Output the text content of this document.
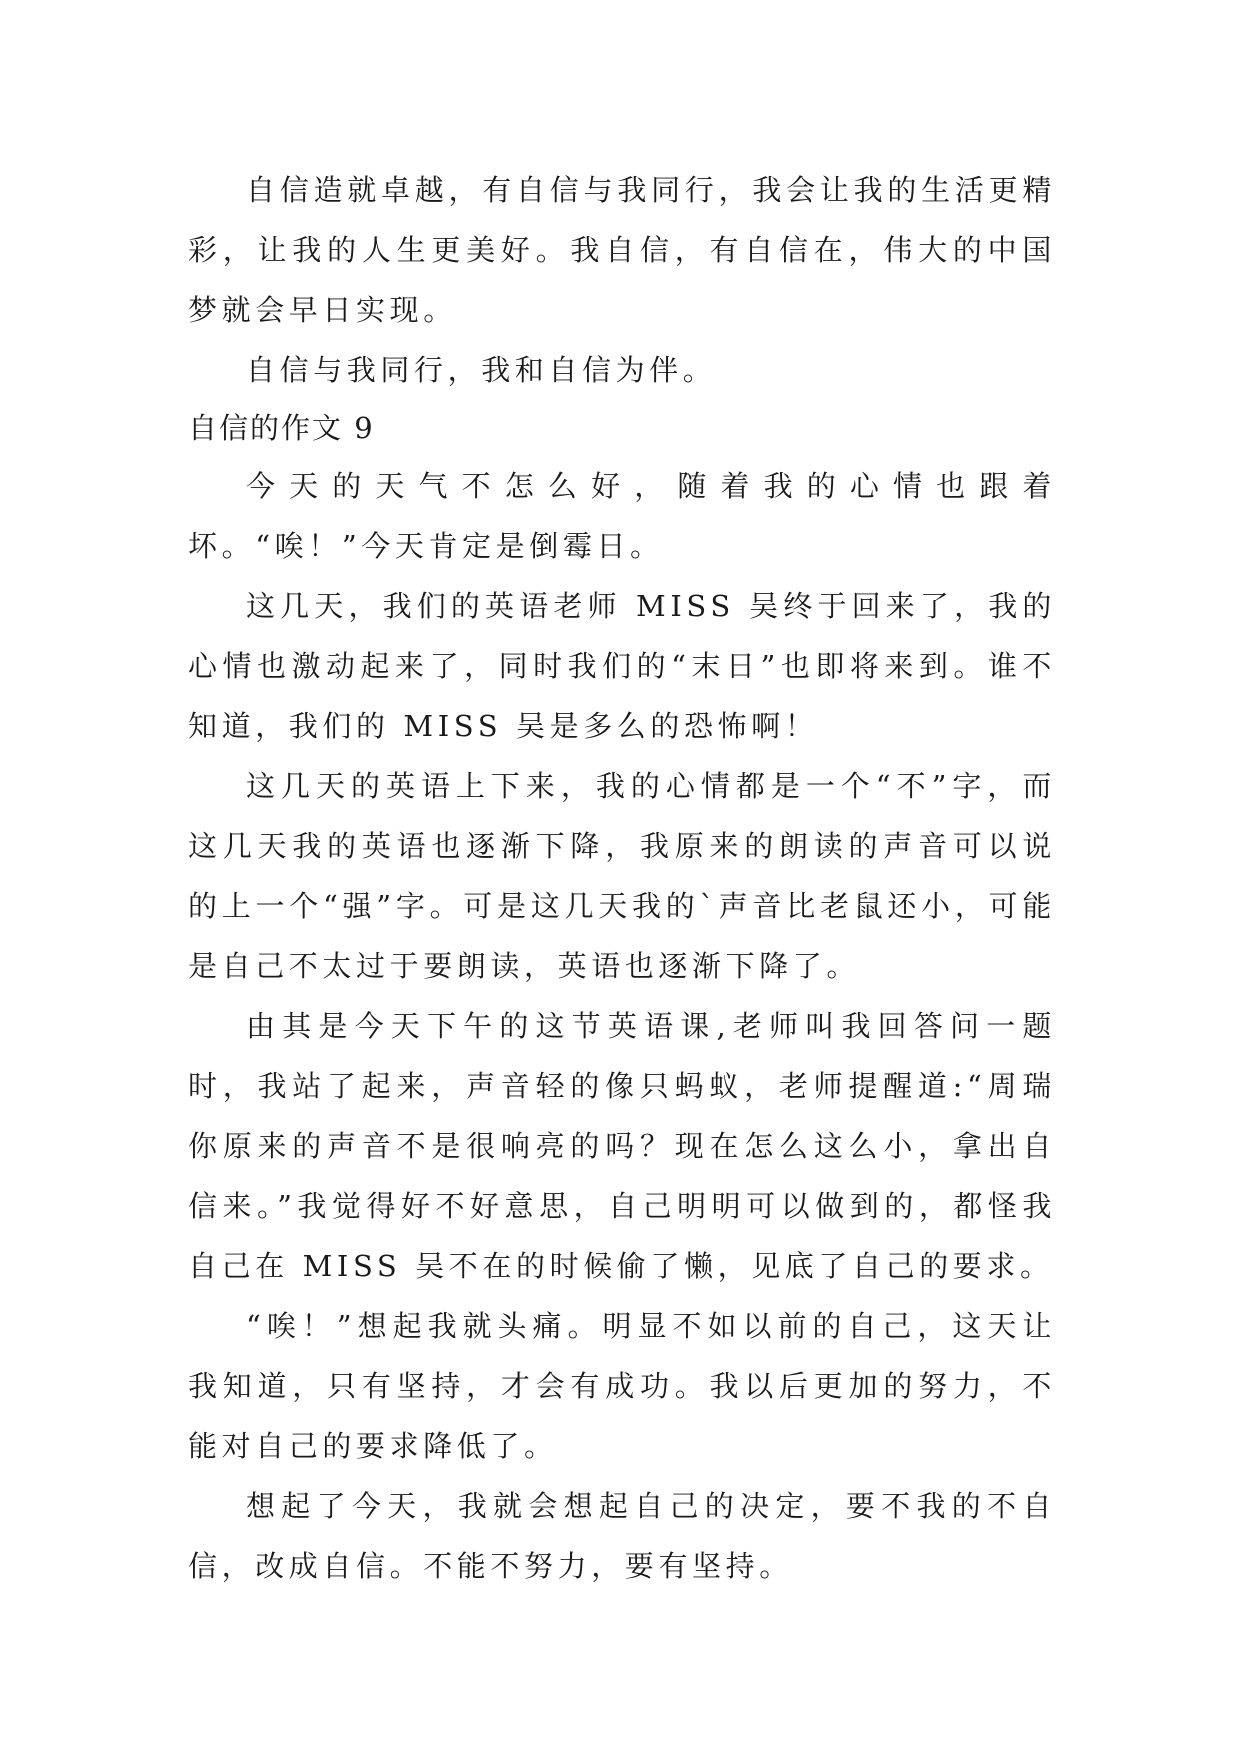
自信造就卓越，有自信与我同行，我会让我的生活更精彩，让我的人生更美好。我自信，有自信在，伟大的中国梦就会早日实现。

自信与我同行，我和自信为伴。

自信的作文 9

今天的天气不怎么好，随着我的心情也跟着坏。“唉！”今天肯定是倒霉日。

这几天，我们的英语老师 MISS 吴终于回来了，我的心情也激动起来了，同时我们的“末日”也即将来到。谁不知道，我们的 MISS 吴是多么的恐怖啊！

这几天的英语上下来，我的心情都是一个“不”字，而这几天我的英语也逐渐下降，我原来的朗读的声音可以说的上一个“强”字。可是这几天我的`声音比老鼠还小，可能是自己不太过于要朗读，英语也逐渐下降了。

由其是今天下午的这节英语课,老师叫我回答问一题时，我站了起来，声音轻的像只蚂蚁，老师提醒道:“周瑞你原来的声音不是很响亮的吗？现在怎么这么小，拿出自信来。”我觉得好不好意思，自己明明可以做到的，都怪我自己在 MISS 吴不在的时候偷了懒，见底了自己的要求。

“唉！”想起我就头痛。明显不如以前的自己，这天让我知道，只有坚持，才会有成功。我以后更加的努力，不能对自己的要求降低了。

想起了今天，我就会想起自己的决定，要不我的不自信，改成自信。不能不努力，要有坚持。
